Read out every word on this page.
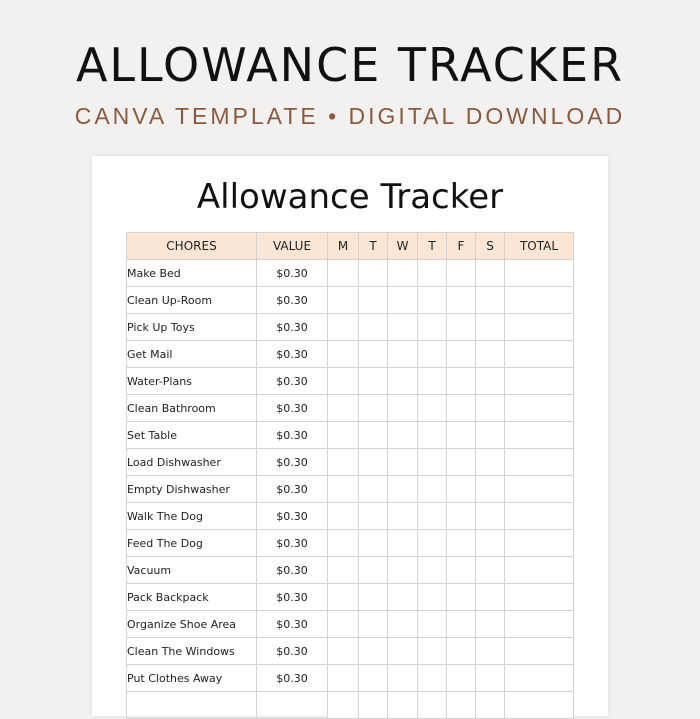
ALLOWANCE TRACKER
CANVA TEMPLATE • DIGITAL DOWNLOAD
Allowance Tracker
CHORES	VALUE	M	T	W	T	F	S	TOTAL
Make Bed	$0.30							
Clean Up-Room	$0.30							
Pick Up Toys	$0.30							
Get Mail	$0.30							
Water-Plans	$0.30							
Clean Bathroom	$0.30							
Set Table	$0.30							
Load Dishwasher	$0.30							
Empty Dishwasher	$0.30							
Walk The Dog	$0.30							
Feed The Dog	$0.30							
Vacuum	$0.30							
Pack Backpack	$0.30							
Organize Shoe Area	$0.30							
Clean The Windows	$0.30							
Put Clothes Away	$0.30							
